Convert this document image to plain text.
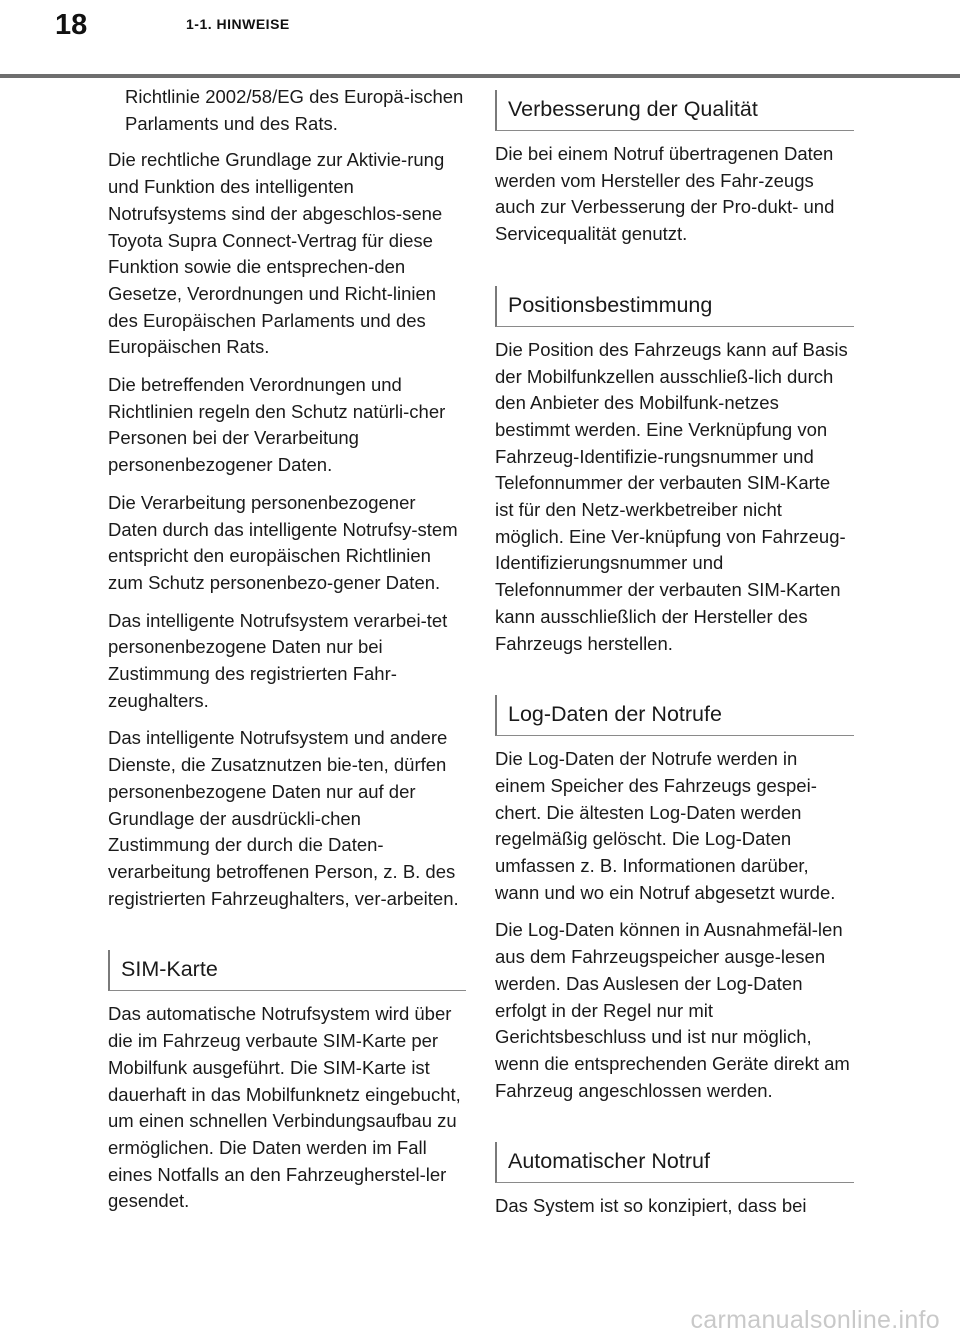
18	1-1. HINWEISE

Richtlinie 2002/58/EG des Europä-ischen Parlaments und des Rats.

Die rechtliche Grundlage zur Aktivie-rung und Funktion des intelligenten Notrufsystems sind der abgeschlos-sene Toyota Supra Connect-Vertrag für diese Funktion sowie die entsprechen-den Gesetze, Verordnungen und Richt-linien des Europäischen Parlaments und des Europäischen Rats.

Die betreffenden Verordnungen und Richtlinien regeln den Schutz natürli-cher Personen bei der Verarbeitung personenbezogener Daten.

Die Verarbeitung personenbezogener Daten durch das intelligente Notrufsy-stem entspricht den europäischen Richtlinien zum Schutz personenbezo-gener Daten.

Das intelligente Notrufsystem verarbei-tet personenbezogene Daten nur bei Zustimmung des registrierten Fahr-zeughalters.

Das intelligente Notrufsystem und andere Dienste, die Zusatznutzen bie-ten, dürfen personenbezogene Daten nur auf der Grundlage der ausdrückli-chen Zustimmung der durch die Daten-verarbeitung betroffenen Person, z. B. des registrierten Fahrzeughalters, ver-arbeiten.

SIM-Karte

Das automatische Notrufsystem wird über die im Fahrzeug verbaute SIM-Karte per Mobilfunk ausgeführt. Die SIM-Karte ist dauerhaft in das Mobilfunknetz eingebucht, um einen schnellen Verbindungsaufbau zu ermöglichen. Die Daten werden im Fall eines Notfalls an den Fahrzeugherstel-ler gesendet.

Verbesserung der Qualität

Die bei einem Notruf übertragenen Daten werden vom Hersteller des Fahr-zeugs auch zur Verbesserung der Pro-dukt- und Servicequalität genutzt.

Positionsbestimmung

Die Position des Fahrzeugs kann auf Basis der Mobilfunkzellen ausschließ-lich durch den Anbieter des Mobilfunk-netzes bestimmt werden. Eine Verknüpfung von Fahrzeug-Identifizie-rungsnummer und Telefonnummer der verbauten SIM-Karte ist für den Netz-werkbetreiber nicht möglich. Eine Ver-knüpfung von Fahrzeug-Identifizierungsnummer und Telefonnummer der verbauten SIM-Karten kann ausschließlich der Hersteller des Fahrzeugs herstellen.

Log-Daten der Notrufe

Die Log-Daten der Notrufe werden in einem Speicher des Fahrzeugs gespei-chert. Die ältesten Log-Daten werden regelmäßig gelöscht. Die Log-Daten umfassen z. B. Informationen darüber, wann und wo ein Notruf abgesetzt wurde.

Die Log-Daten können in Ausnahmefäl-len aus dem Fahrzeugspeicher ausge-lesen werden. Das Auslesen der Log-Daten erfolgt in der Regel nur mit Gerichtsbeschluss und ist nur möglich, wenn die entsprechenden Geräte direkt am Fahrzeug angeschlossen werden.

Automatischer Notruf

Das System ist so konzipiert, dass bei

carmanualsonline.info
